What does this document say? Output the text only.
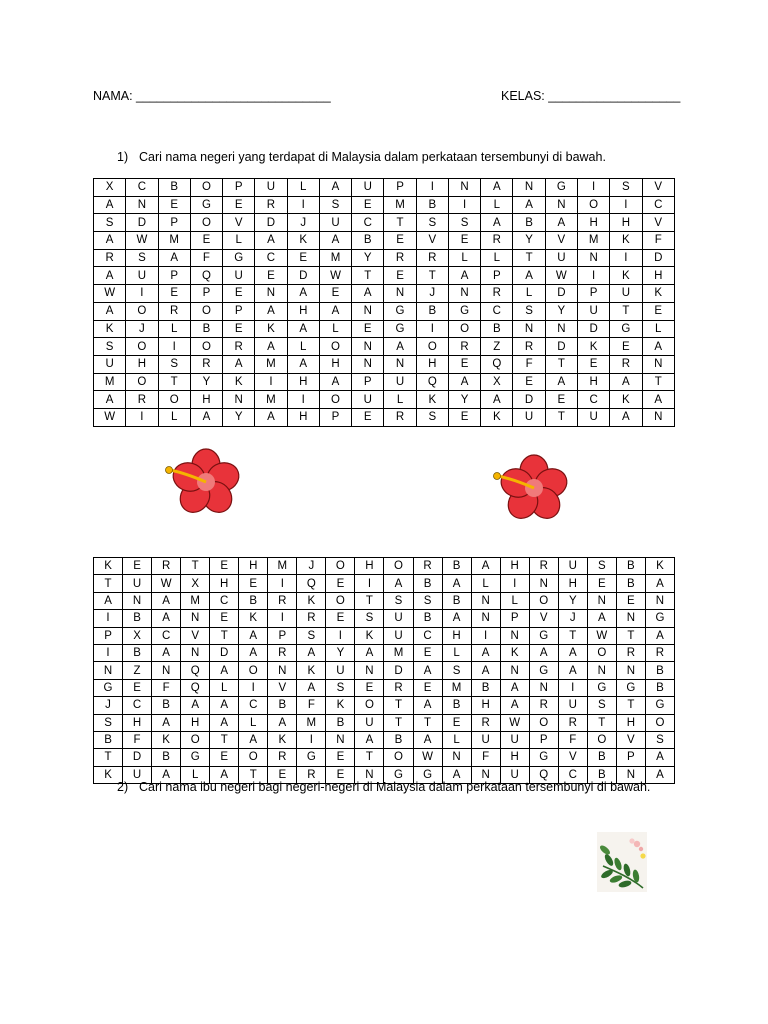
NAMA: ____________________________	KELAS: ___________________
1) Cari nama negeri yang terdapat di Malaysia dalam perkataan tersembunyi di bawah.
X	C	B	O	P	U	L	A	U	P	I	N	A	N	G	I	S	V
A	N	E	G	E	R	I	S	E	M	B	I	L	A	N	O	I	C
S	D	P	O	V	D	J	U	C	T	S	S	A	B	A	H	H	V
A	W	M	E	L	A	K	A	B	E	V	E	R	Y	V	M	K	F
R	S	A	F	G	C	E	M	Y	R	R	L	L	T	U	N	I	D
A	U	P	Q	U	E	D	W	T	E	T	A	P	A	W	I	K	H
W	I	E	P	E	N	A	E	A	N	J	N	R	L	D	P	U	K
A	O	R	O	P	A	H	A	N	G	B	G	C	S	Y	U	T	E
K	J	L	B	E	K	A	L	E	G	I	O	B	N	N	D	G	L
S	O	I	O	R	A	L	O	N	A	O	R	Z	R	D	K	E	A
U	H	S	R	A	M	A	H	N	N	H	E	Q	F	T	E	R	N
M	O	T	Y	K	I	H	A	P	U	Q	A	X	E	A	H	A	T
A	R	O	H	N	M	I	O	U	L	K	Y	A	D	E	C	K	A
W	I	L	A	Y	A	H	P	E	R	S	E	K	U	T	U	A	N
K	E	R	T	E	H	M	J	O	H	O	R	B	A	H	R	U	S	B	K
T	U	W	X	H	E	I	Q	E	I	A	B	A	L	I	N	H	E	B	A
A	N	A	M	C	B	R	K	O	T	S	S	B	N	L	O	Y	N	E	N
I	B	A	N	E	K	I	R	E	S	U	B	A	N	P	V	J	A	N	G
P	X	C	V	T	A	P	S	I	K	U	C	H	I	N	G	T	W	T	A
I	B	A	N	D	A	R	A	Y	A	M	E	L	A	K	A	A	O	R	R
N	Z	N	Q	A	O	N	K	U	N	D	A	S	A	N	G	A	N	N	B
G	E	F	Q	L	I	V	A	S	E	R	E	M	B	A	N	I	G	G	B
J	C	B	A	A	C	B	F	K	O	T	A	B	H	A	R	U	S	T	G
S	H	A	H	A	L	A	M	B	U	T	T	E	R	W	O	R	T	H	O
B	F	K	O	T	A	K	I	N	A	B	A	L	U	U	P	F	O	V	S
T	D	B	G	E	O	R	G	E	T	O	W	N	F	H	G	V	B	P	A
K	U	A	L	A	T	E	R	E	N	G	G	A	N	U	Q	C	B	N	A
2) Cari nama ibu negeri bagi negeri-negeri di Malaysia dalam perkataan tersembunyi di bawah.
